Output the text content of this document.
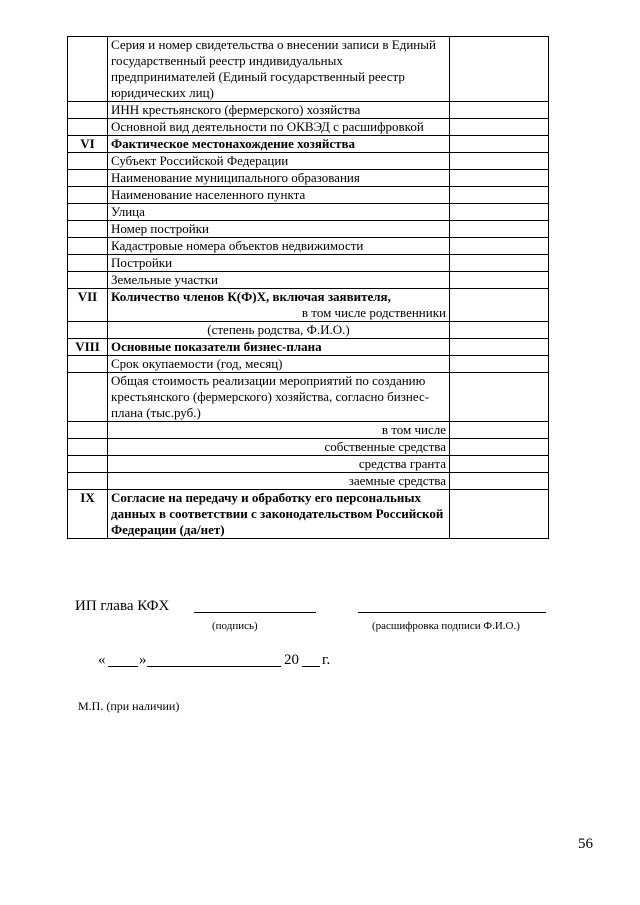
	Серия и номер свидетельства о внесении записи в Единый государственный реестр индивидуальных предпринимателей (Единый государственный реестр юридических лиц)	

	ИНН крестьянского (фермерского) хозяйства	

	Основной вид деятельности по ОКВЭД с расшифровкой	

VI	Фактическое местонахождение хозяйства	

	Субъект Российской Федерации	

	Наименование муниципального образования	

	Наименование населенного пункта	

	Улица	

	Номер постройки	

	Кадастровые номера объектов недвижимости	

	Постройки	

	Земельные участки	

VII	Количество членов К(Ф)Х, включая заявителя,
в том числе родственники	

	(степень родства, Ф.И.О.)	

VIII	Основные показатели бизнес-плана	

	Срок окупаемости (год, месяц)	

	Общая стоимость реализации мероприятий по созданию крестьянского (фермерского) хозяйства, согласно бизнес-плана (тыс.руб.)	

	в том числе	

	собственные средства	

	средства гранта	

	заемные средства	

IX	Согласие на передачу и обработку его персональных данных в соответствии с законодательством Российской Федерации (да/нет)	

ИП глава КФХ
(подпись)	(расшифровка подписи Ф.И.О.)
« »	20 г.
М.П. (при наличии)
56
